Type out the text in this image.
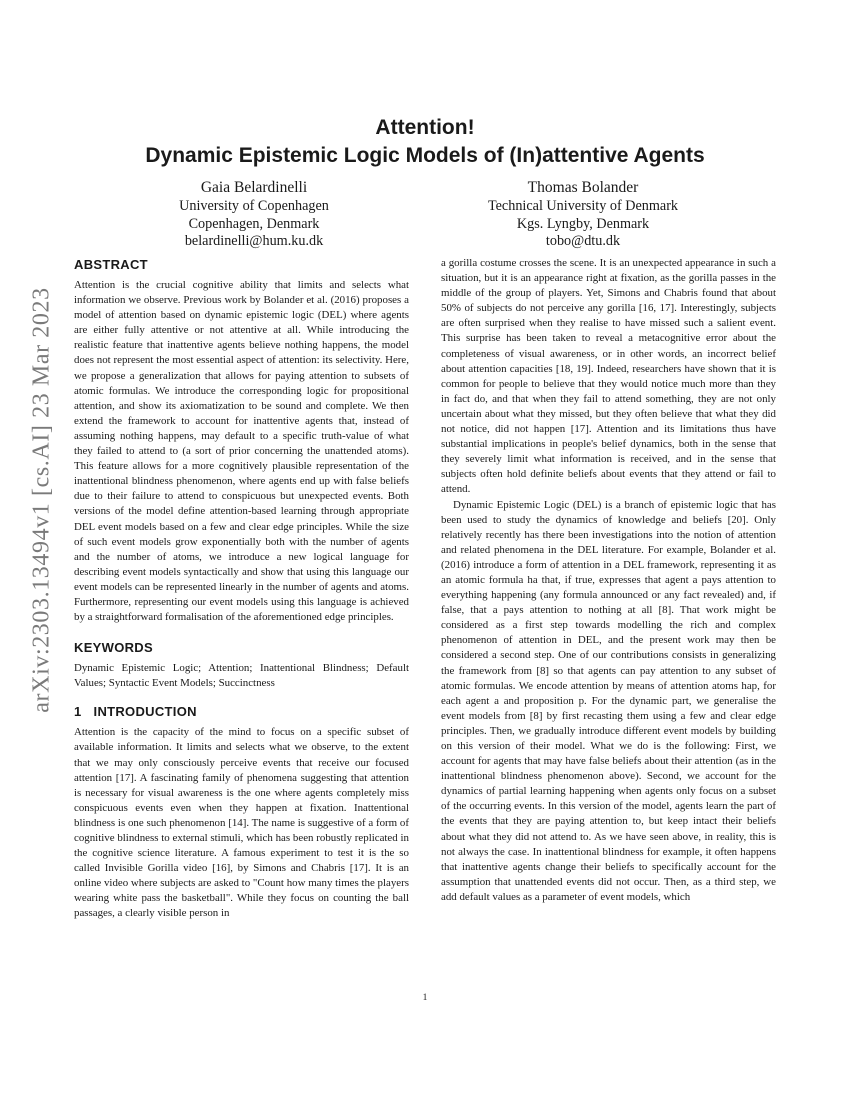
arXiv:2303.13494v1 [cs.AI] 23 Mar 2023
Attention!
Dynamic Epistemic Logic Models of (In)attentive Agents
Gaia Belardinelli
University of Copenhagen
Copenhagen, Denmark
belardinelli@hum.ku.dk
Thomas Bolander
Technical University of Denmark
Kgs. Lyngby, Denmark
tobo@dtu.dk
ABSTRACT

Attention is the crucial cognitive ability that limits and selects what information we observe. Previous work by Bolander et al. (2016) proposes a model of attention based on dynamic epistemic logic (DEL) where agents are either fully attentive or not attentive at all. While introducing the realistic feature that inattentive agents believe nothing happens, the model does not represent the most essential aspect of attention: its selectivity. Here, we propose a generalization that allows for paying attention to subsets of atomic formulas. We introduce the corresponding logic for propositional attention, and show its axiomatization to be sound and complete. We then extend the framework to account for inattentive agents that, instead of assuming nothing happens, may default to a specific truth-value of what they failed to attend to (a sort of prior concerning the unattended atoms). This feature allows for a more cognitively plausible representation of the inattentional blindness phenomenon, where agents end up with false beliefs due to their failure to attend to conspicuous but unexpected events. Both versions of the model define attention-based learning through appropriate DEL event models based on a few and clear edge principles. While the size of such event models grow exponentially both with the number of agents and the number of atoms, we introduce a new logical language for describing event models syntactically and show that using this language our event models can be represented linearly in the number of agents and atoms. Furthermore, representing our event models using this language is achieved by a straightforward formalisation of the aforementioned edge principles.

KEYWORDS

Dynamic Epistemic Logic; Attention; Inattentional Blindness; Default Values; Syntactic Event Models; Succinctness

1 INTRODUCTION

Attention is the capacity of the mind to focus on a specific subset of available information. It limits and selects what we observe, to the extent that we may only consciously perceive events that receive our focused attention [17]. A fascinating family of phenomena suggesting that attention is necessary for visual awareness is the one where agents completely miss conspicuous events even when they happen at fixation. Inattentional blindness is one such phenomenon [14]. The name is suggestive of a form of cognitive blindness to external stimuli, which has been robustly replicated in the cognitive science literature. A famous experiment to test it is the so called Invisible Gorilla video [16], by Simons and Chabris [17]. It is an online video where subjects are asked to "Count how many times the players wearing white pass the basketball". While they focus on counting the ball passages, a clearly visible person in

a gorilla costume crosses the scene. It is an unexpected appearance in such a situation, but it is an appearance right at fixation, as the gorilla passes in the middle of the group of players. Yet, Simons and Chabris found that about 50% of subjects do not perceive any gorilla [16, 17]. Interestingly, subjects are often surprised when they realise to have missed such a salient event. This surprise has been taken to reveal a metacognitive error about the completeness of visual awareness, or in other words, an incorrect belief about attention capacities [18, 19]. Indeed, researchers have shown that it is common for people to believe that they would notice much more than they in fact do, and that when they fail to attend something, they are not only uncertain about what they missed, but they often believe that what they did not notice, did not happen [17]. Attention and its limitations thus have substantial implications in people's belief dynamics, both in the sense that they severely limit what information is received, and in the sense that subjects often hold definite beliefs about events that they attend or fail to attend.

Dynamic Epistemic Logic (DEL) is a branch of epistemic logic that has been used to study the dynamics of knowledge and beliefs [20]. Only relatively recently has there been investigations into the notion of attention and related phenomena in the DEL literature. For example, Bolander et al. (2016) introduce a form of attention in a DEL framework, representing it as an atomic formula ha that, if true, expresses that agent a pays attention to everything happening (any formula announced or any fact revealed) and, if false, that a pays attention to nothing at all [8]. That work might be considered as a first step towards modelling the rich and complex phenomenon of attention in DEL, and the present work may then be considered a second step. One of our contributions consists in generalizing the framework from [8] so that agents can pay attention to any subset of atomic formulas. We encode attention by means of attention atoms hap, for each agent a and proposition p. For the dynamic part, we generalise the event models from [8] by first recasting them using a few and clear edge principles. Then, we gradually introduce different event models by building on this version of their model. What we do is the following: First, we account for agents that may have false beliefs about their attention (as in the inattentional blindness phenomenon above). Second, we account for the dynamics of partial learning happening when agents only focus on a subset of the occurring events. In this version of the model, agents learn the part of the events that they are paying attention to, but keep intact their beliefs about what they did not attend to. As we have seen above, in reality, this is not always the case. In inattentional blindness for example, it often happens that inattentive agents change their beliefs to specifically account for the assumption that unattended events did not occur. Then, as a third step, we add default values as a parameter of event models, which

1
